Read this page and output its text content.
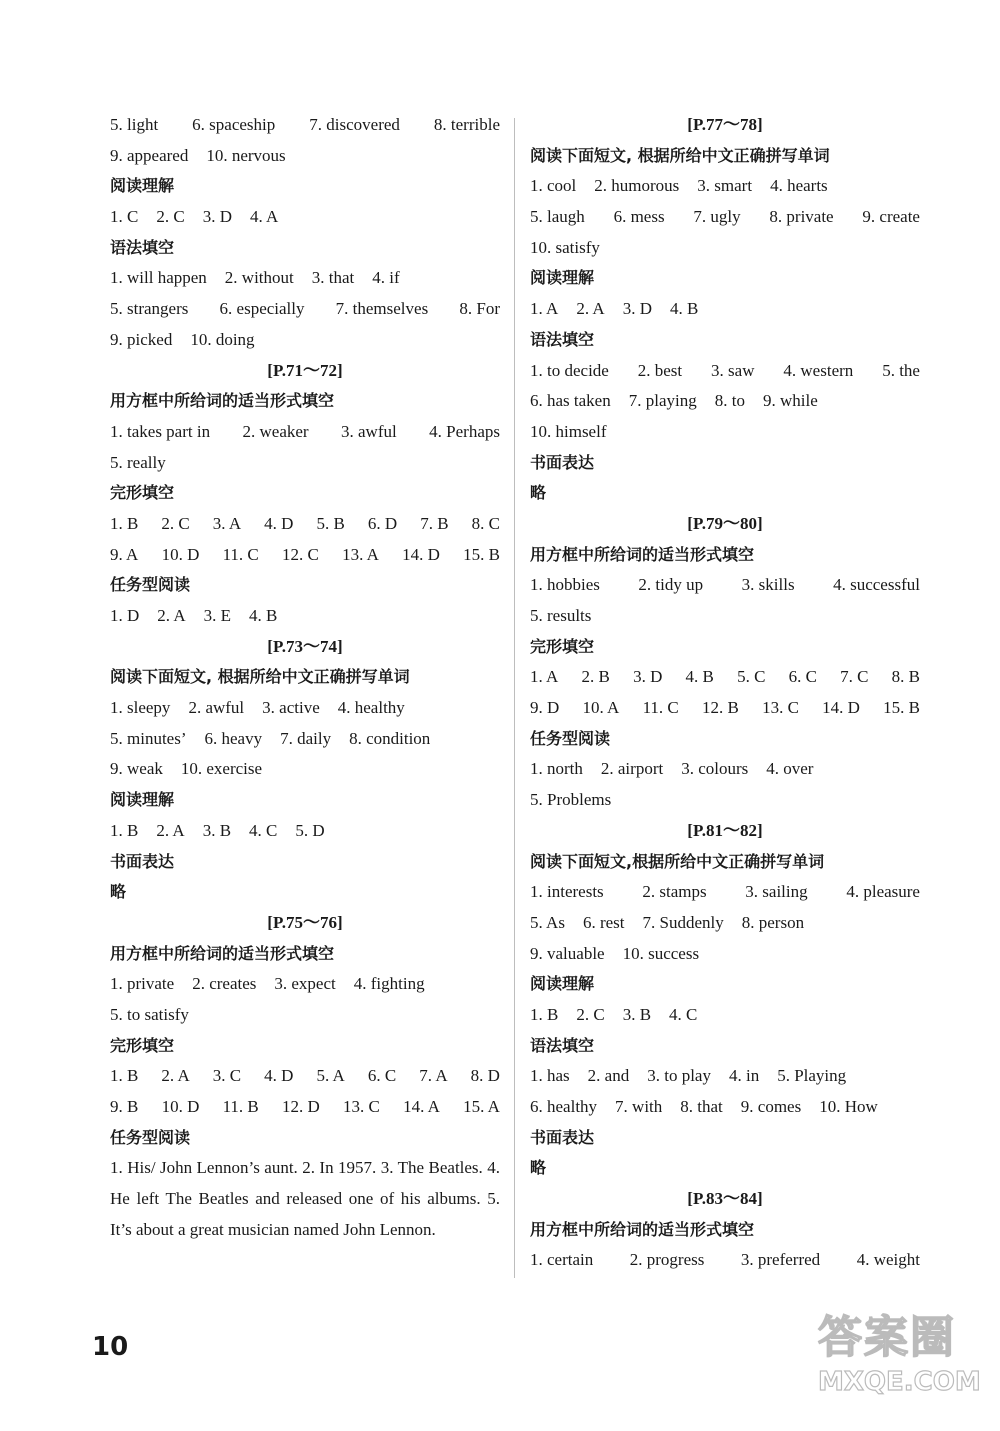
5. light 6. spaceship 7. discovered 8. terrible
9. appeared 10. nervous
阅读理解
1. C 2. C 3. D 4. A
语法填空
1. will happen 2. without 3. that 4. if
5. strangers 6. especially 7. themselves 8. For
9. picked 10. doing
[P.71～72]
用方框中所给词的适当形式填空
1. takes part in 2. weaker 3. awful 4. Perhaps
5. really
完形填空
1. B 2. C 3. A 4. D 5. B 6. D 7. B 8. C
9. A 10. D 11. C 12. C 13. A 14. D 15. B
任务型阅读
1. D 2. A 3. E 4. B
[P.73～74]
阅读下面短文, 根据所给中文正确拼写单词
1. sleepy 2. awful 3. active 4. healthy
5. minutes’ 6. heavy 7. daily 8. condition
9. weak 10. exercise
阅读理解
1. B 2. A 3. B 4. C 5. D
书面表达
略
[P.75～76]
用方框中所给词的适当形式填空
1. private 2. creates 3. expect 4. fighting
5. to satisfy
完形填空
1. B 2. A 3. C 4. D 5. A 6. C 7. A 8. D
9. B 10. D 11. B 12. D 13. C 14. A 15. A
任务型阅读

1. His/ John Lennon’s aunt. 2. In 1957. 3. The Beatles. 4. He left The Beatles and released one of his albums. 5. It’s about a great musician named John Lennon.

[P.77～78]
阅读下面短文, 根据所给中文正确拼写单词
1. cool 2. humorous 3. smart 4. hearts
5. laugh 6. mess 7. ugly 8. private 9. create
10. satisfy
阅读理解
1. A 2. A 3. D 4. B
语法填空
1. to decide 2. best 3. saw 4. western 5. the
6. has taken 7. playing 8. to 9. while
10. himself
书面表达
略
[P.79～80]
用方框中所给词的适当形式填空
1. hobbies 2. tidy up 3. skills 4. successful
5. results
完形填空
1. A 2. B 3. D 4. B 5. C 6. C 7. C 8. B
9. D 10. A 11. C 12. B 13. C 14. D 15. B
任务型阅读
1. north 2. airport 3. colours 4. over
5. Problems
[P.81～82]
阅读下面短文,根据所给中文正确拼写单词
1. interests 2. stamps 3. sailing 4. pleasure
5. As 6. rest 7. Suddenly 8. person
9. valuable 10. success
阅读理解
1. B 2. C 3. B 4. C
语法填空
1. has 2. and 3. to play 4. in 5. Playing
6. healthy 7. with 8. that 9. comes 10. How
书面表达
略
[P.83～84]
用方框中所给词的适当形式填空
1. certain 2. progress 3. preferred 4. weight
10	答案圈
MXQE.COM
